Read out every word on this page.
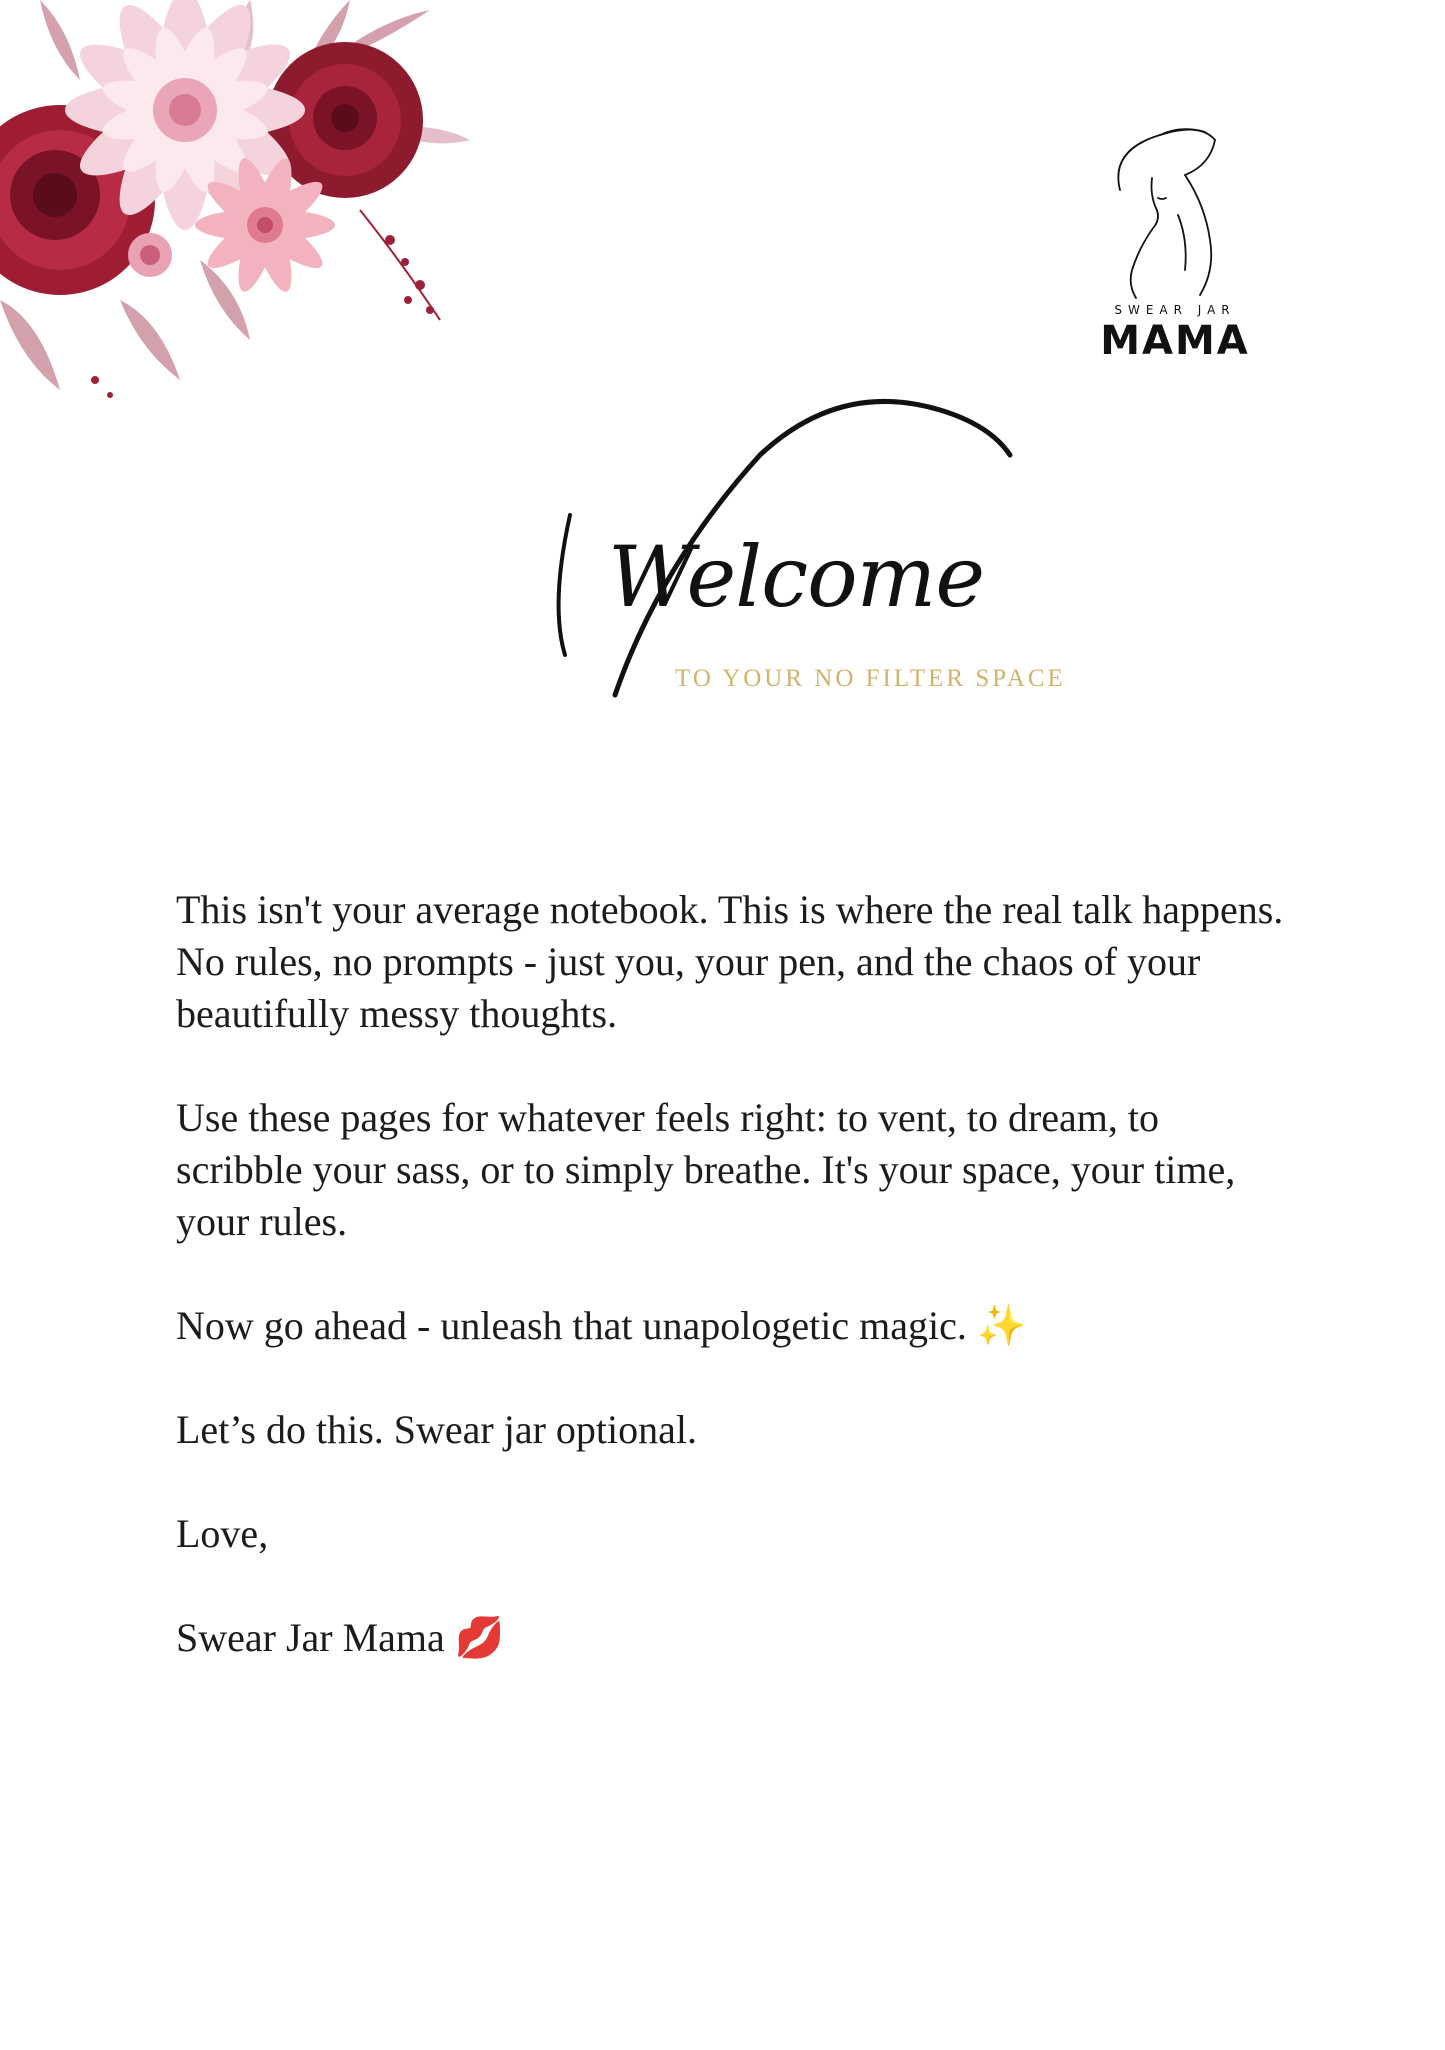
SWEAR JAR
MAMA
Welcome
TO YOUR NO FILTER SPACE

This isn't your average notebook. This is where the real talk happens. No rules, no prompts - just you, your pen, and the chaos of your beautifully messy thoughts.

Use these pages for whatever feels right: to vent, to dream, to scribble your sass, or to simply breathe. It's your space, your time, your rules.

Now go ahead - unleash that unapologetic magic. ✨

Let’s do this. Swear jar optional.

Love,

Swear Jar Mama 💋
